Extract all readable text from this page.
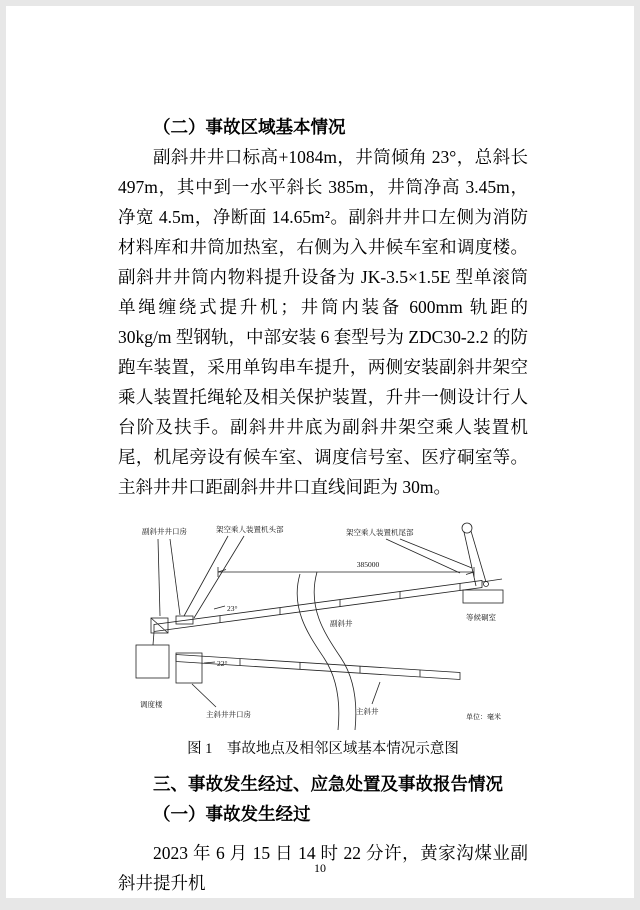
（二）事故区域基本情况

副斜井井口标高+1084m，井筒倾角 23°，总斜长 497m，其中到一水平斜长 385m，井筒净高 3.45m，净宽 4.5m，净断面 14.65m²。副斜井井口左侧为消防材料库和井筒加热室，右侧为入井候车室和调度楼。副斜井井筒内物料提升设备为 JK-3.5×1.5E 型单滚筒单绳缠绕式提升机；井筒内装备 600mm 轨距的 30kg/m 型钢轨，中部安装 6 套型号为 ZDC30-2.2 的防跑车装置，采用单钩串车提升，两侧安装副斜井架空乘人装置托绳轮及相关保护装置，升井一侧设计行人台阶及扶手。副斜井井底为副斜井架空乘人装置机尾，机尾旁设有候车室、调度信号室、医疗硐室等。主斜井井口距副斜井井口直线间距为 30m。

副斜井井口房	架空乘人装置机头部	架空乘人装置机尾部
385000
23°
副斜井
等候硐室
22°
调度楼
主斜井井口房	主斜井
单位：毫米

图 1　事故地点及相邻区域基本情况示意图

三、事故发生经过、应急处置及事故报告情况

（一）事故发生经过

2023 年 6 月 15 日 14 时 22 分许，黄家沟煤业副斜井提升机

10
